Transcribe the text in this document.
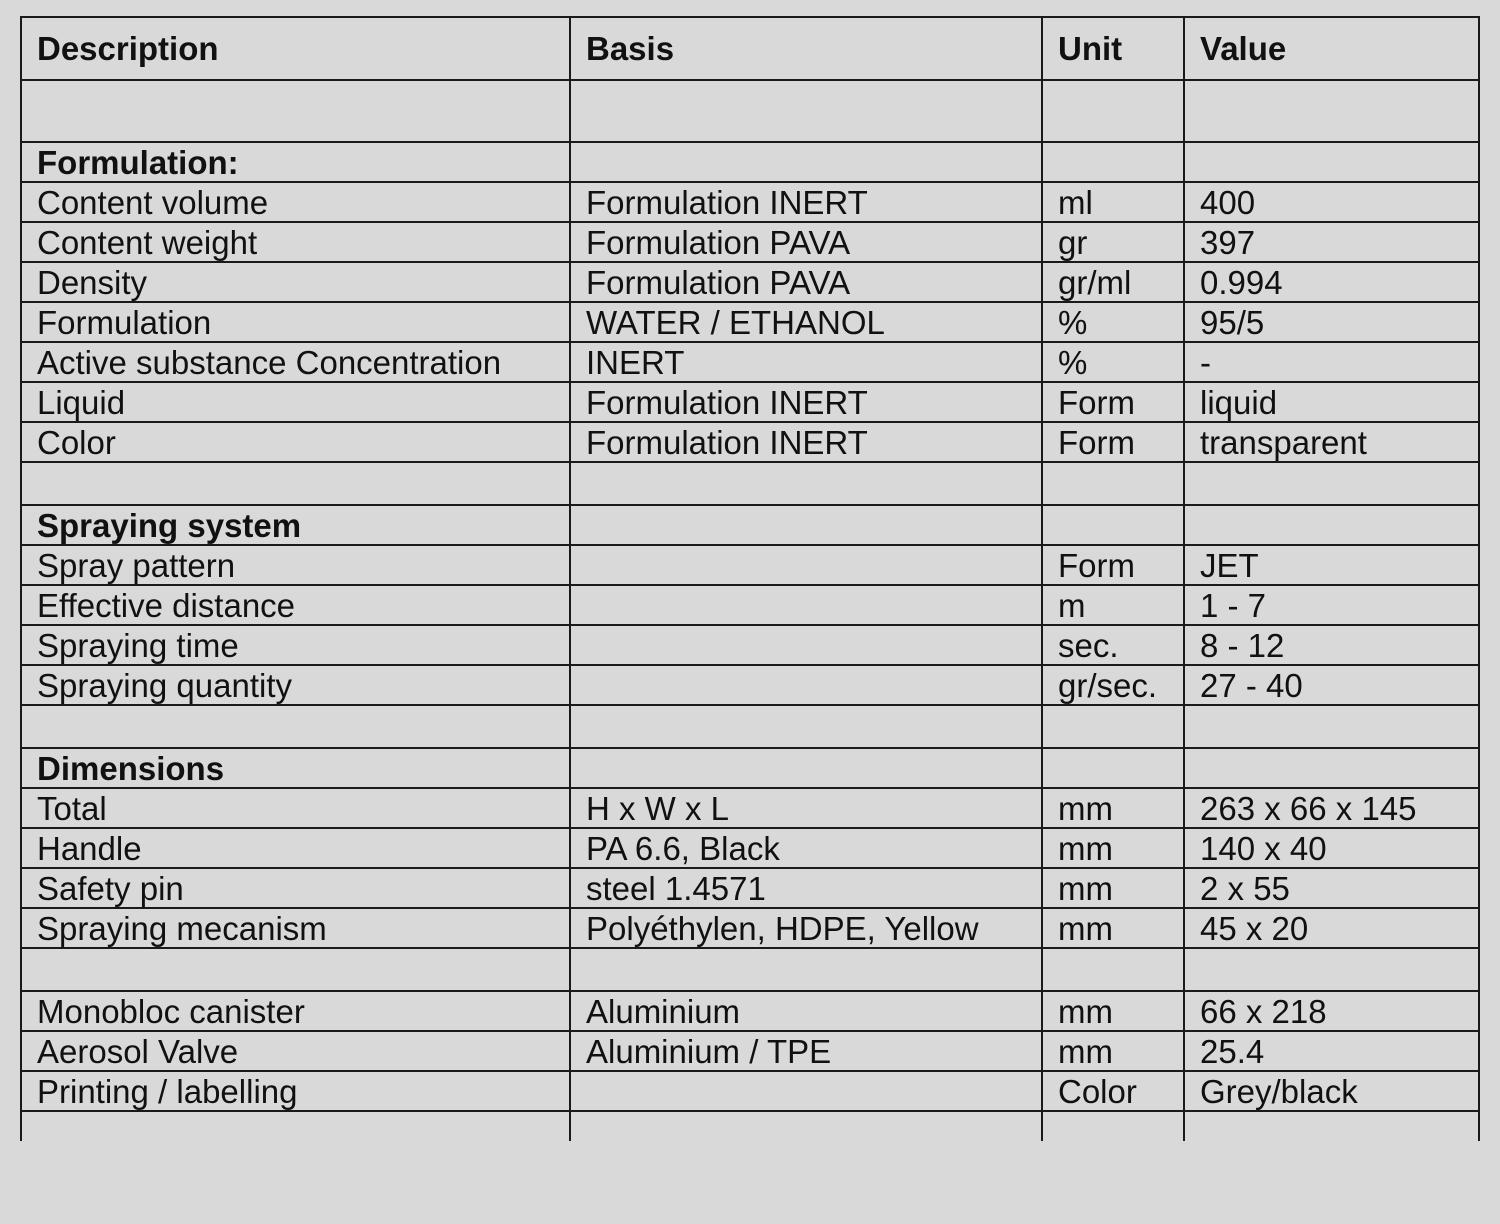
Description	Basis	Unit	Value

Formulation:			
Content volume	Formulation INERT	ml	400
Content weight	Formulation PAVA	gr	397
Density	Formulation PAVA	gr/ml	0.994
Formulation	WATER / ETHANOL	%	95/5
Active substance Concentration	INERT	%	-
Liquid	Formulation INERT	Form	liquid
Color	Formulation INERT	Form	transparent

Spraying system			
Spray pattern		Form	JET
Effective distance		m	1 - 7
Spraying time		sec.	8 - 12
Spraying quantity		gr/sec.	27 - 40

Dimensions			
Total	H x W x L	mm	263 x 66 x 145
Handle	PA 6.6, Black	mm	140 x 40
Safety pin	steel 1.4571	mm	2 x 55
Spraying mecanism	Polyéthylen, HDPE, Yellow	mm	45 x 20

Monobloc canister	Aluminium	mm	66 x 218
Aerosol Valve	Aluminium / TPE	mm	25.4
Printing / labelling		Color	Grey/black
